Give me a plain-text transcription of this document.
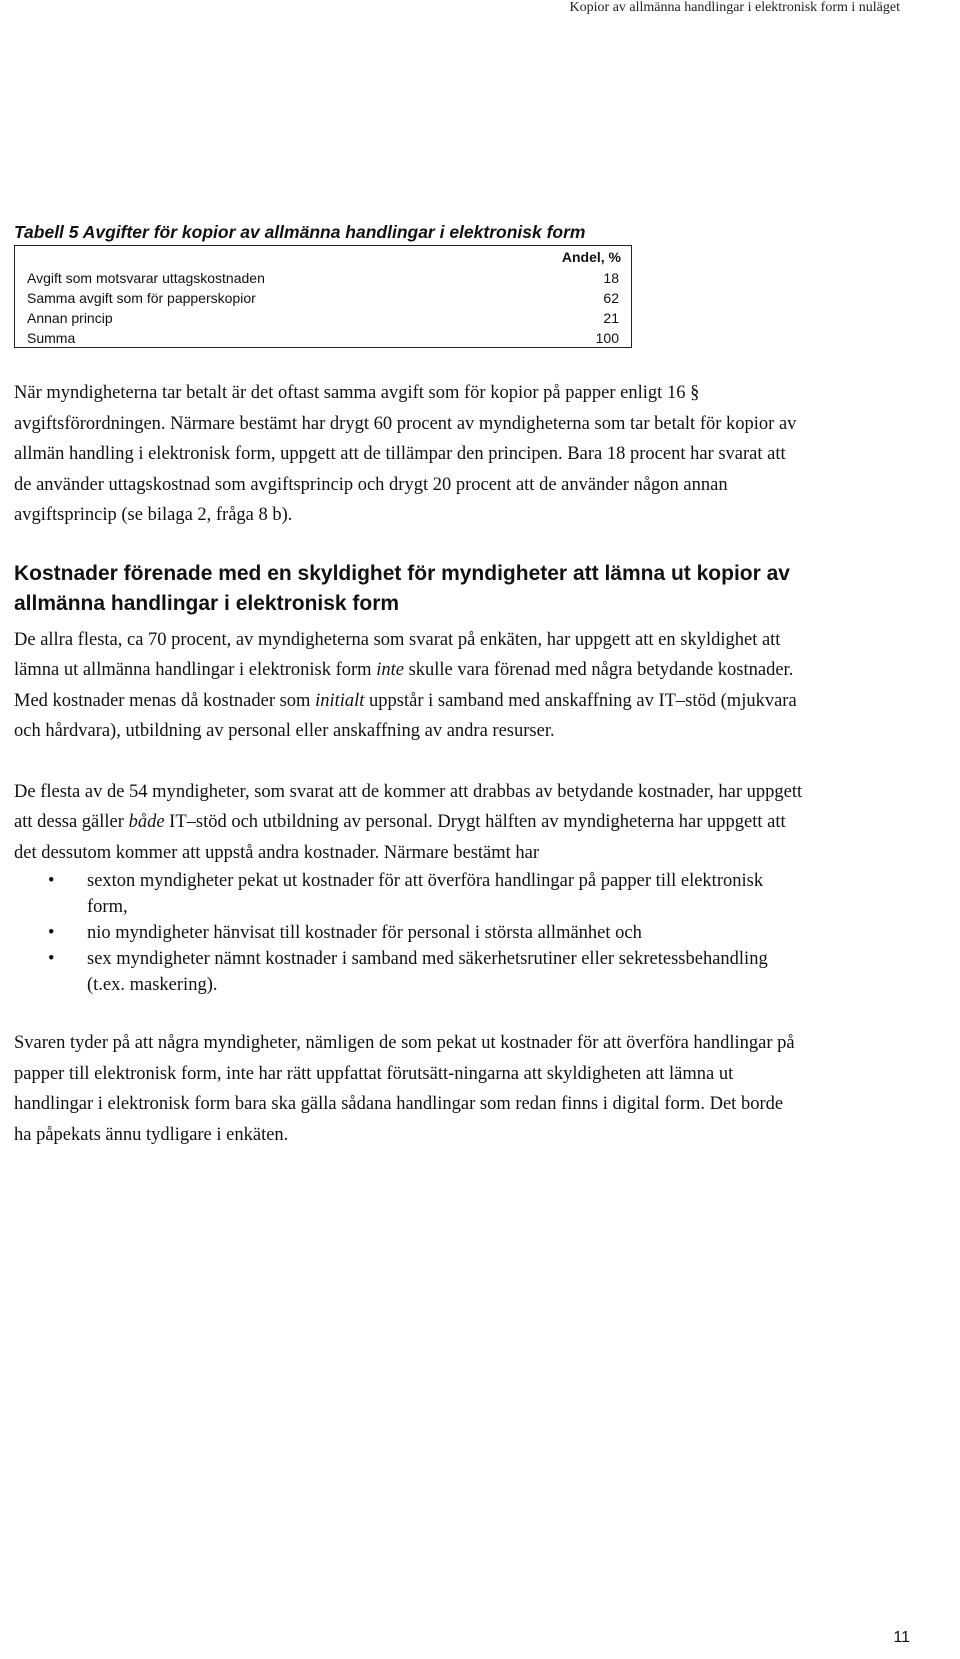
Kopior av allmänna handlingar i elektronisk form i nuläget
Tabell 5 Avgifter för kopior av allmänna handlingar i elektronisk form
Andel, %	
Avgift som motsvarar uttagskostnaden	18
Samma avgift som för papperskopior	62
Annan princip	21
Summa	100

När myndigheterna tar betalt är det oftast samma avgift som för kopior på papper enligt 16 § avgiftsförordningen. Närmare bestämt har drygt 60 procent av myndigheterna som tar betalt för kopior av allmän handling i elektronisk form, uppgett att de tillämpar den principen. Bara 18 procent har svarat att de använder uttagskostnad som avgiftsprincip och drygt 20 procent att de använder någon annan avgiftsprincip (se bilaga 2, fråga 8 b).

Kostnader förenade med en skyldighet för myndigheter att lämna ut kopior av allmänna handlingar i elektronisk form

De allra flesta, ca 70 procent, av myndigheterna som svarat på enkäten, har uppgett att en skyldighet att lämna ut allmänna handlingar i elektronisk form inte skulle vara förenad med några betydande kostnader. Med kostnader menas då kostnader som initialt uppstår i samband med anskaffning av IT–stöd (mjukvara och hårdvara), utbildning av personal eller anskaffning av andra resurser.

De flesta av de 54 myndigheter, som svarat att de kommer att drabbas av betydande kostnader, har uppgett att dessa gäller både IT–stöd och utbildning av personal. Drygt hälften av myndigheterna har uppgett att det dessutom kommer att uppstå andra kostnader. Närmare bestämt har

• sexton myndigheter pekat ut kostnader för att överföra handlingar på papper till elektronisk form,
• nio myndigheter hänvisat till kostnader för personal i största allmänhet och
• sex myndigheter nämnt kostnader i samband med säkerhetsrutiner eller sekretessbehandling (t.ex. maskering).

Svaren tyder på att några myndigheter, nämligen de som pekat ut kostnader för att överföra handlingar på papper till elektronisk form, inte har rätt uppfattat förutsätt-ningarna att skyldigheten att lämna ut handlingar i elektronisk form bara ska gälla sådana handlingar som redan finns i digital form. Det borde ha påpekats ännu tydligare i enkäten.

11
